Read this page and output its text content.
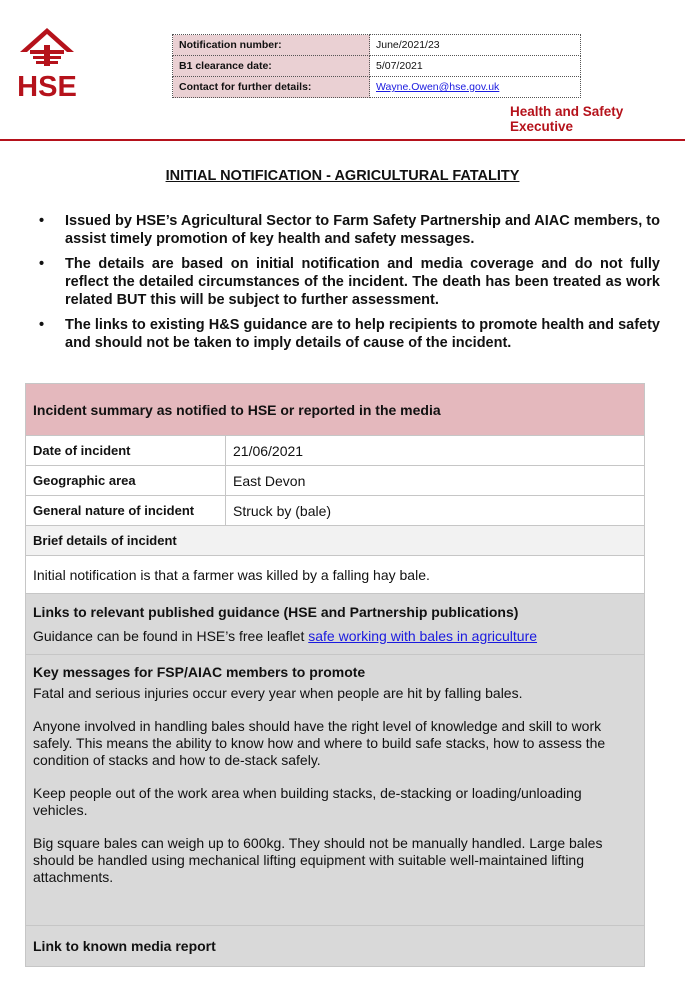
HSE
Notification number:	June/2021/23
B1 clearance date:	5/07/2021
Contact for further details:	Wayne.Owen@hse.gov.uk
Health and Safety
Executive
INITIAL NOTIFICATION - AGRICULTURAL FATALITY
• Issued by HSE’s Agricultural Sector to Farm Safety Partnership and AIAC members, to assist timely promotion of key health and safety messages.
• The details are based on initial notification and media coverage and do not fully reflect the detailed circumstances of the incident. The death has been treated as work related BUT this will be subject to further assessment.
• The links to existing H&S guidance are to help recipients to promote health and safety and should not be taken to imply details of cause of the incident.
Incident summary as notified to HSE or reported in the media	
Date of incident	21/06/2021
Geographic area	East Devon
General nature of incident	Struck by (bale)
Brief details of incident	
Initial notification is that a farmer was killed by a falling hay bale.	

Links to relevant published guidance (HSE and Partnership publications)
Guidance can be found in HSE’s free leaflet safe working with bales in agriculture	

Key messages for FSP/AIAC members to promote

Fatal and serious injuries occur every year when people are hit by falling bales.

Anyone involved in handling bales should have the right level of knowledge and skill to work safely. This means the ability to know how and where to build safe stacks, how to assess the condition of stacks and how to de-stack safely.

Keep people out of the work area when building stacks, de-stacking or loading/unloading vehicles.

Big square bales can weigh up to 600kg. They should not be manually handled. Large bales should be handled using mechanical lifting equipment with suitable well-maintained lifting attachments.	

Link to known media report	
